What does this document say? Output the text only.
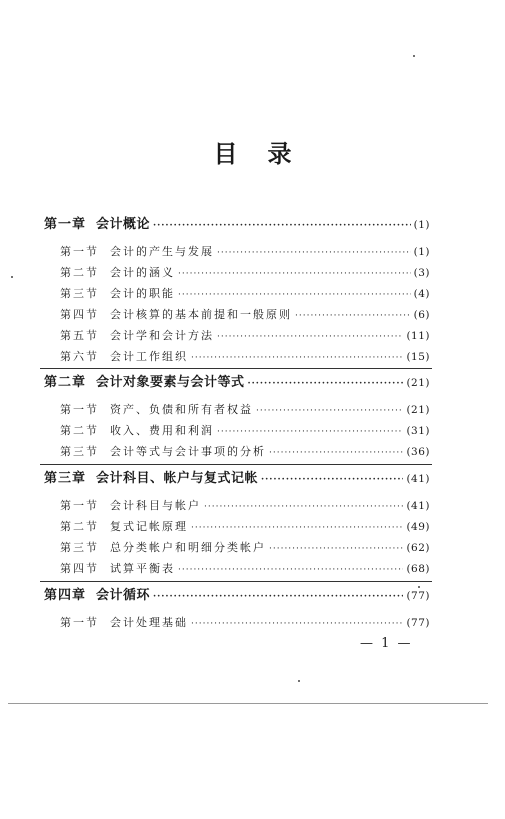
目录
第一章 会计概论 ·····	(1)
第一节	会计的产生与发展 ·····	(1)
第二节	会计的涵义 ·····	(3)
第三节	会计的职能 ·····	(4)
第四节	会计核算的基本前提和一般原则 ·····	(6)
第五节	会计学和会计方法 ·····	(11)
第六节	会计工作组织 ·····	(15)
第二章 会计对象要素与会计等式 ·····	(21)
第一节	资产、负债和所有者权益 ·····	(21)
第二节	收入、费用和利润 ·····	(31)
第三节	会计等式与会计事项的分析 ·····	(36)
第三章 会计科目、帐户与复式记帐 ·····	(41)
第一节	会计科目与帐户 ·····	(41)
第二节	复式记帐原理 ·····	(49)
第三节	总分类帐户和明细分类帐户 ·····	(62)
第四节	试算平衡表 ·····	(68)
第四章 会计循环 ·····	(77)
第一节	会计处理基础 ·····	(77)
— 1 —
